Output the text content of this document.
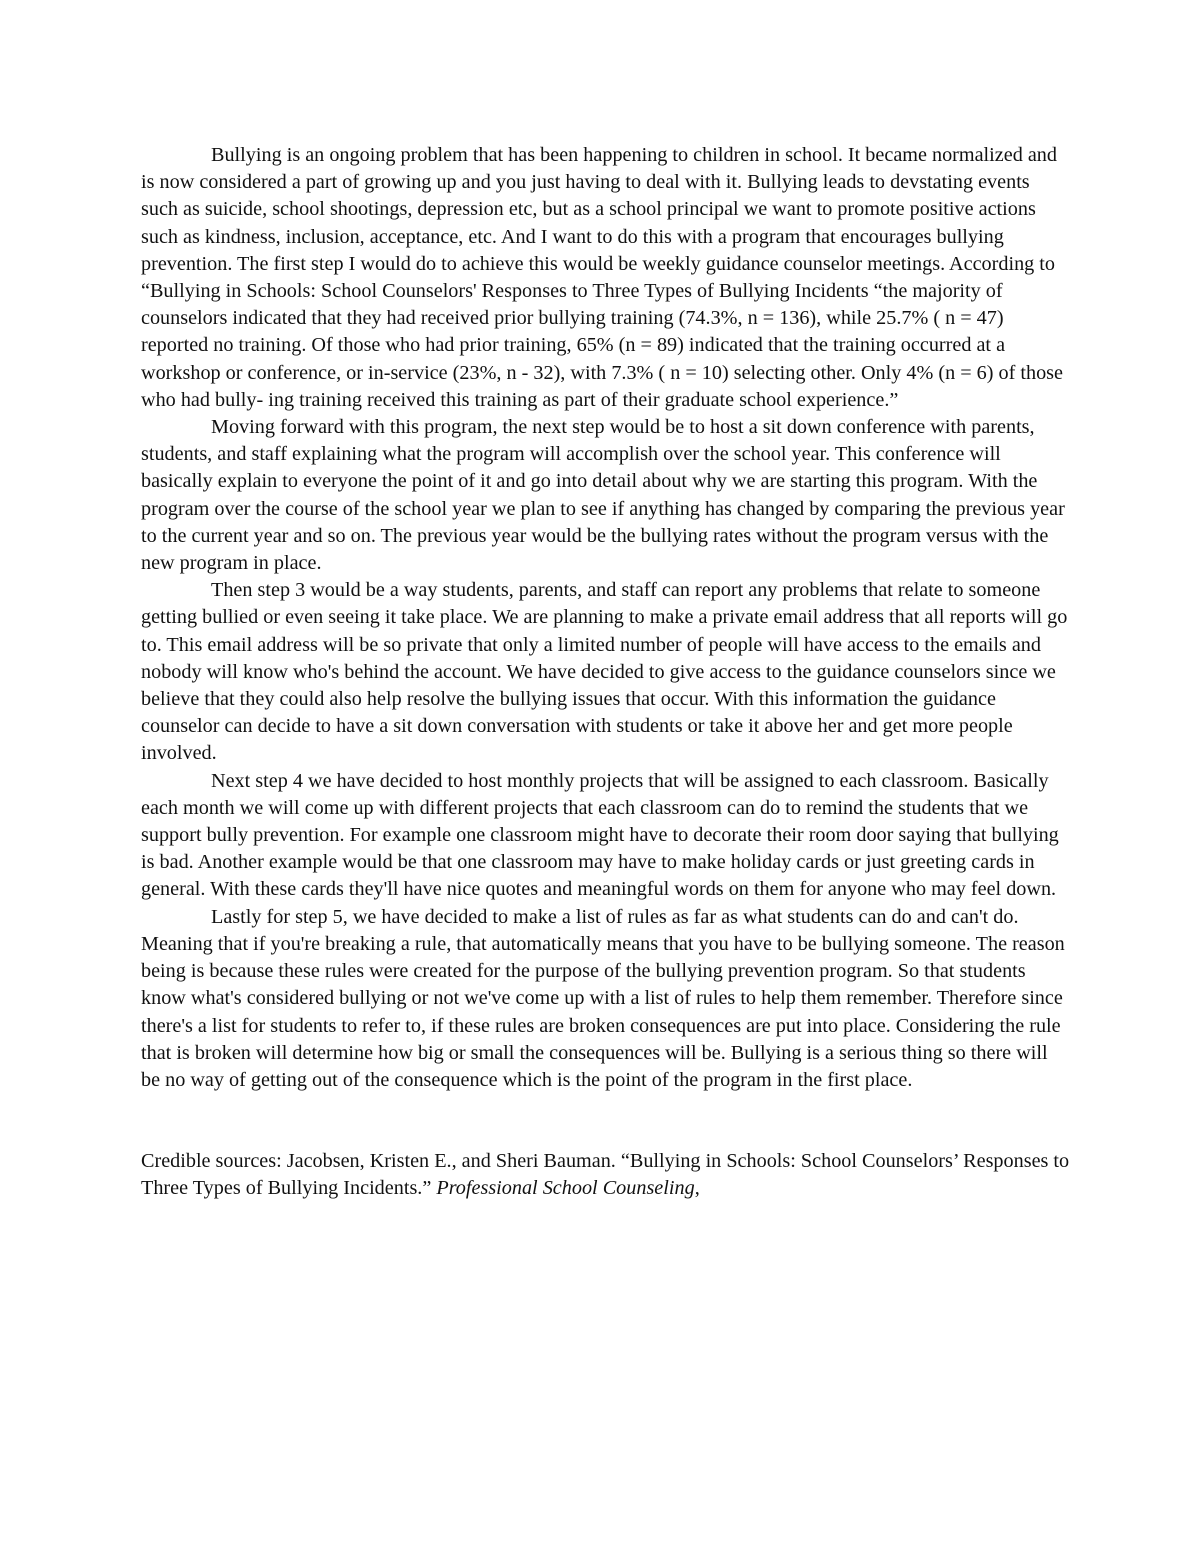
Bullying is an ongoing problem that has been happening to children in school. It became normalized and is now considered a part of growing up and you just having to deal with it. Bullying leads to devstating events such as suicide, school shootings, depression etc, but as a school principal we want to promote positive actions such as kindness, inclusion, acceptance, etc. And I want to do this with a program that encourages bullying prevention. The first step I would do to achieve this would be weekly guidance counselor meetings. According to “Bullying in Schools: School Counselors' Responses to Three Types of Bullying Incidents “the majority of counselors indicated that they had received prior bullying training (74.3%, n = 136), while 25.7% ( n = 47) reported no training. Of those who had prior training, 65% (n = 89) indicated that the training occurred at a workshop or conference, or in-service (23%, n - 32), with 7.3% ( n = 10) selecting other. Only 4% (n = 6) of those who had bully- ing training received this training as part of their graduate school experience.”

Moving forward with this program, the next step would be to host a sit down conference with parents, students, and staff explaining what the program will accomplish over the school year. This conference will basically explain to everyone the point of it and go into detail about why we are starting this program. With the program over the course of the school year we plan to see if anything has changed by comparing the previous year to the current year and so on. The previous year would be the bullying rates without the program versus with the new program in place.

Then step 3 would be a way students, parents, and staff can report any problems that relate to someone getting bullied or even seeing it take place. We are planning to make a private email address that all reports will go to. This email address will be so private that only a limited number of people will have access to the emails and nobody will know who's behind the account. We have decided to give access to the guidance counselors since we believe that they could also help resolve the bullying issues that occur. With this information the guidance counselor can decide to have a sit down conversation with students or take it above her and get more people involved.

Next step 4 we have decided to host monthly projects that will be assigned to each classroom. Basically each month we will come up with different projects that each classroom can do to remind the students that we support bully prevention. For example one classroom might have to decorate their room door saying that bullying is bad. Another example would be that one classroom may have to make holiday cards or just greeting cards in general. With these cards they'll have nice quotes and meaningful words on them for anyone who may feel down.

Lastly for step 5, we have decided to make a list of rules as far as what students can do and can't do. Meaning that if you're breaking a rule, that automatically means that you have to be bullying someone. The reason being is because these rules were created for the purpose of the bullying prevention program. So that students know what's considered bullying or not we've come up with a list of rules to help them remember. Therefore since there's a list for students to refer to, if these rules are broken consequences are put into place. Considering the rule that is broken will determine how big or small the consequences will be. Bullying is a serious thing so there will be no way of getting out of the consequence which is the point of the program in the first place.

Credible sources: Jacobsen, Kristen E., and Sheri Bauman. “Bullying in Schools: School Counselors’ Responses to Three Types of Bullying Incidents.” Professional School Counseling,
